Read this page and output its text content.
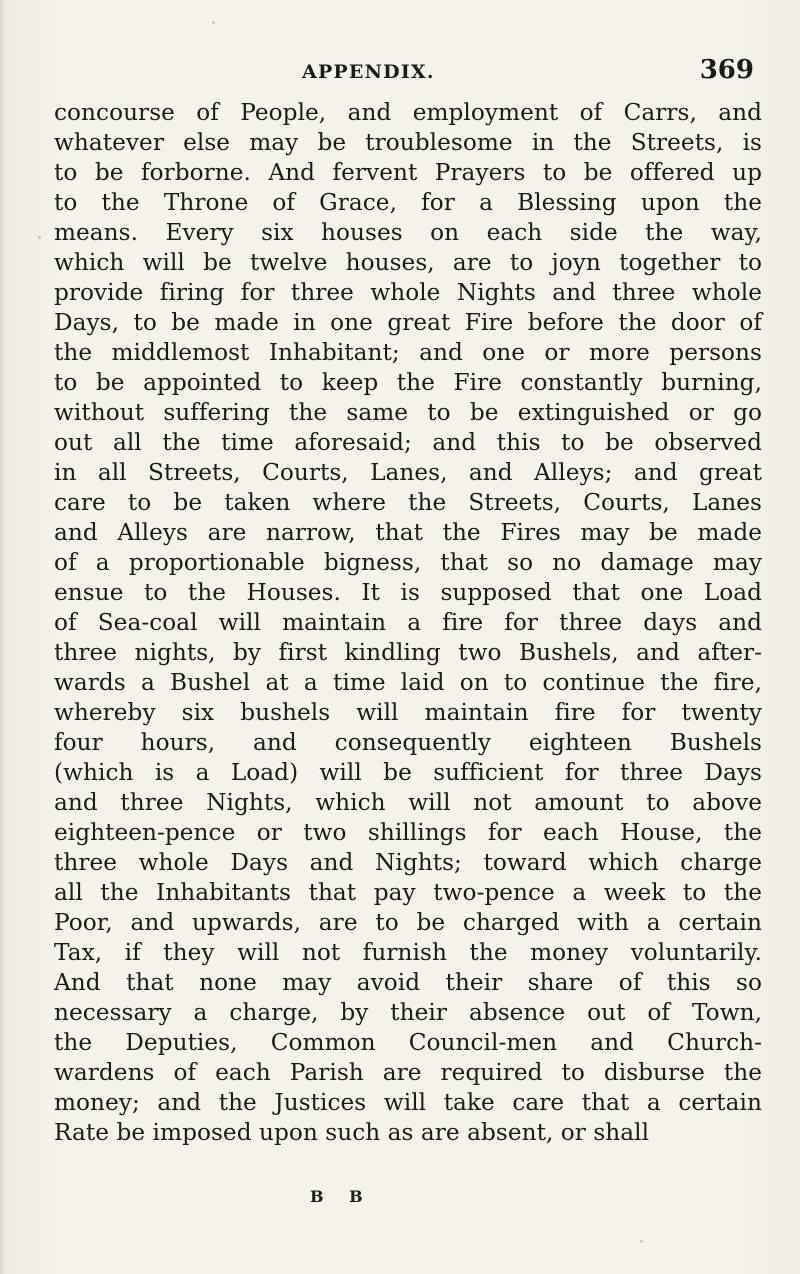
APPENDIX.	369
concourse of People, and employment of Carrs, and
whatever else may be troublesome in the Streets, is
to be forborne. And fervent Prayers to be offered up
to the Throne of Grace, for a Blessing upon the
means. Every six houses on each side the way,
which will be twelve houses, are to joyn together to
provide firing for three whole Nights and three whole
Days, to be made in one great Fire before the door of
the middlemost Inhabitant; and one or more persons
to be appointed to keep the Fire constantly burning,
without suffering the same to be extinguished or go
out all the time aforesaid; and this to be observed
in all Streets, Courts, Lanes, and Alleys; and great
care to be taken where the Streets, Courts, Lanes
and Alleys are narrow, that the Fires may be made
of a proportionable bigness, that so no damage may
ensue to the Houses. It is supposed that one Load
of Sea-coal will maintain a fire for three days and
three nights, by first kindling two Bushels, and after-
wards a Bushel at a time laid on to continue the fire,
whereby six bushels will maintain fire for twenty
four hours, and consequently eighteen Bushels
(which is a Load) will be sufficient for three Days
and three Nights, which will not amount to above
eighteen-pence or two shillings for each House, the
three whole Days and Nights; toward which charge
all the Inhabitants that pay two-pence a week to the
Poor, and upwards, are to be charged with a certain
Tax, if they will not furnish the money voluntarily.
And that none may avoid their share of this so
necessary a charge, by their absence out of Town,
the Deputies, Common Council-men and Church-
wardens of each Parish are required to disburse the
money; and the Justices will take care that a certain
Rate be imposed upon such as are absent, or shall
B B
